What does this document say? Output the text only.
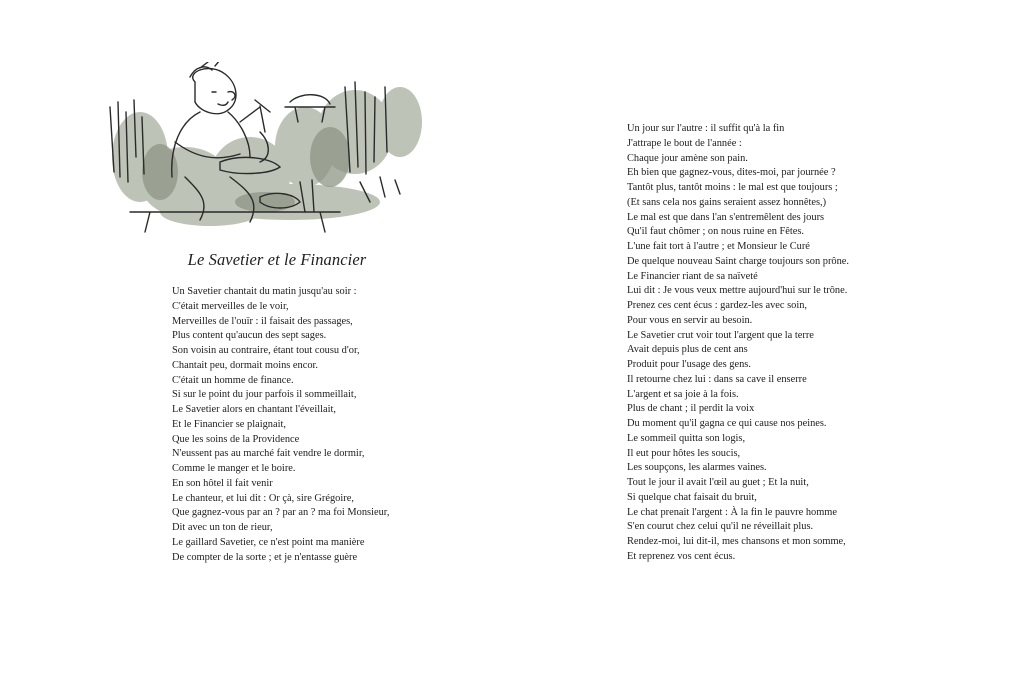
Le Savetier et le Financier
Un Savetier chantait du matin jusqu'au soir :
C'était merveilles de le voir,
Merveilles de l'ouïr : il faisait des passages,
Plus content qu'aucun des sept sages.
Son voisin au contraire, étant tout cousu d'or,
Chantait peu, dormait moins encor.
C'était un homme de finance.
Si sur le point du jour parfois il sommeillait,
Le Savetier alors en chantant l'éveillait,
Et le Financier se plaignait,
Que les soins de la Providence
N'eussent pas au marché fait vendre le dormir,
Comme le manger et le boire.
En son hôtel il fait venir
Le chanteur, et lui dit : Or çà, sire Grégoire,
Que gagnez-vous par an ? par an ? ma foi Monsieur,
Dit avec un ton de rieur,
Le gaillard Savetier, ce n'est point ma manière
De compter de la sorte ; et je n'entasse guère
Un jour sur l'autre : il suffit qu'à la fin
J'attrape le bout de l'année :
Chaque jour amène son pain.
Eh bien que gagnez-vous, dites-moi, par journée ?
Tantôt plus, tantôt moins : le mal est que toujours ;
(Et sans cela nos gains seraient assez honnêtes,)
Le mal est que dans l'an s'entremêlent des jours
Qu'il faut chômer ; on nous ruine en Fêtes.
L'une fait tort à l'autre ; et Monsieur le Curé
De quelque nouveau Saint charge toujours son prône.
Le Financier riant de sa naïveté
Lui dit : Je vous veux mettre aujourd'hui sur le trône.
Prenez ces cent écus : gardez-les avec soin,
Pour vous en servir au besoin.
Le Savetier crut voir tout l'argent que la terre
Avait depuis plus de cent ans
Produit pour l'usage des gens.
Il retourne chez lui : dans sa cave il enserre
L'argent et sa joie à la fois.
Plus de chant ; il perdit la voix
Du moment qu'il gagna ce qui cause nos peines.
Le sommeil quitta son logis,
Il eut pour hôtes les soucis,
Les soupçons, les alarmes vaines.
Tout le jour il avait l'œil au guet ; Et la nuit,
Si quelque chat faisait du bruit,
Le chat prenait l'argent : À la fin le pauvre homme
S'en courut chez celui qu'il ne réveillait plus.
Rendez-moi, lui dit-il, mes chansons et mon somme,
Et reprenez vos cent écus.
